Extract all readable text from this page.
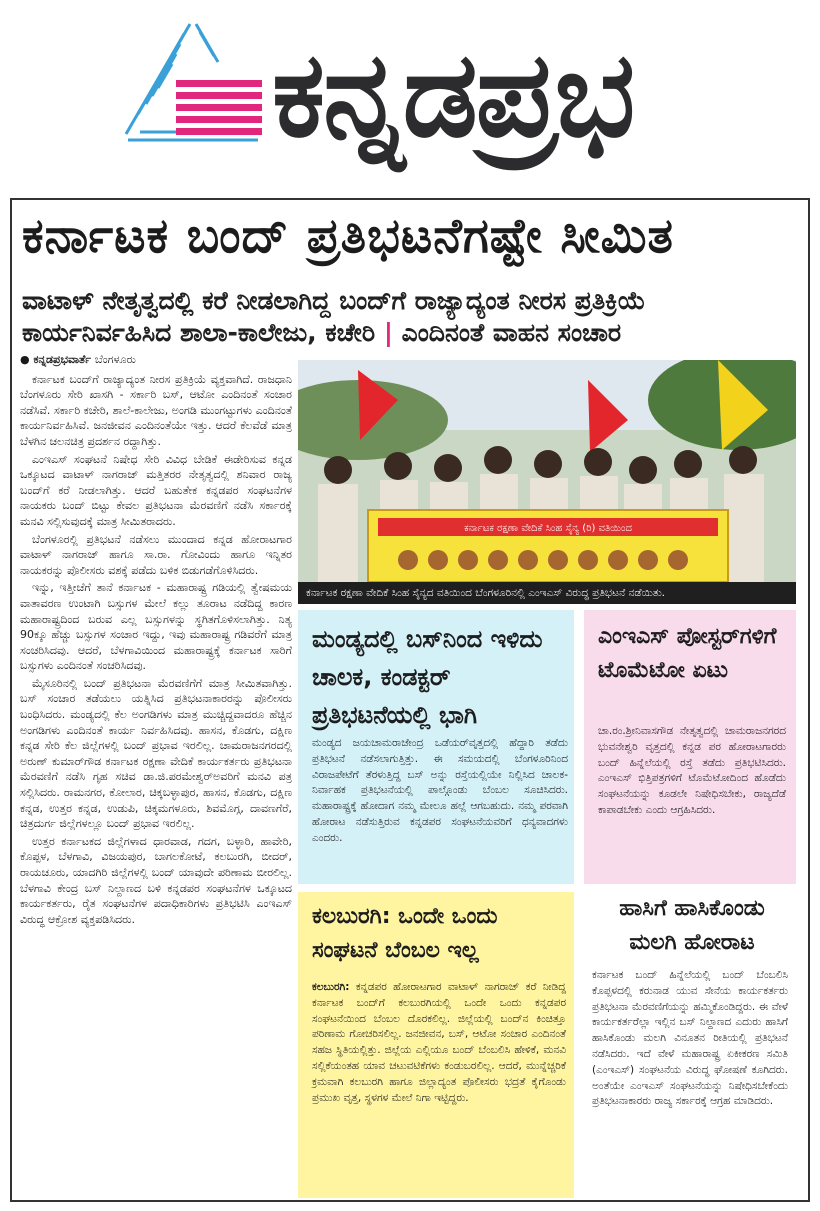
ಕನ್ನಡಪ್ರಭ
ಕರ್ನಾಟಕ ಬಂದ್ ಪ್ರತಿಭಟನೆಗಷ್ಟೇ ಸೀಮಿತ
ವಾಟಾಳ್ ನೇತೃತ್ವದಲ್ಲಿ ಕರೆ ನೀಡಲಾಗಿದ್ದ ಬಂದ್‌ಗೆ ರಾಜ್ಯಾದ್ಯಂತ ನೀರಸ ಪ್ರತಿಕ್ರಿಯೆ
ಕಾರ್ಯನಿರ್ವಹಿಸಿದ ಶಾಲಾ-ಕಾಲೇಜು, ಕಚೇರಿ | ಎಂದಿನಂತೆ ವಾಹನ ಸಂಚಾರ
● ಕನ್ನಡಪ್ರಭವಾರ್ತೆ ಬೆಂಗಳೂರು

ಕರ್ನಾಟಕ ಬಂದ್‌ಗೆ ರಾಜ್ಯಾದ್ಯಂತ ನೀರಸ ಪ್ರತಿಕ್ರಿಯೆ ವ್ಯಕ್ತವಾಗಿದೆ. ರಾಜಧಾನಿ ಬೆಂಗಳೂರು ಸೇರಿ ಖಾಸಗಿ - ಸರ್ಕಾರಿ ಬಸ್, ಆಟೋ ಎಂದಿನಂತೆ ಸಂಚಾರ ನಡೆಸಿವೆ. ಸರ್ಕಾರಿ ಕಚೇರಿ, ಶಾಲೆ-ಕಾಲೇಜು, ಅಂಗಡಿ ಮುಂಗಟ್ಟುಗಳು ಎಂದಿನಂತೆ ಕಾರ್ಯನಿರ್ವಹಿಸಿವೆ. ಜನಜೀವನ ಎಂದಿನಂತೆಯೇ ಇತ್ತು. ಆದರೆ ಕೆಲವೆಡೆ ಮಾತ್ರ ಬೆಳಗಿನ ಚಲನಚಿತ್ರ ಪ್ರದರ್ಶನ ರದ್ದಾಗಿತ್ತು.

ಎಂಇಎಸ್ ಸಂಘಟನೆ ನಿಷೇಧ ಸೇರಿ ವಿವಿಧ ಬೇಡಿಕೆ ಈಡೇರಿಸುವ ಕನ್ನಡ ಒಕ್ಕೂಟದ ವಾಟಾಳ್ ನಾಗರಾಜ್ ಮತ್ತಿತರರ ನೇತೃತ್ವದಲ್ಲಿ ಶನಿವಾರ ರಾಜ್ಯ ಬಂದ್‌ಗೆ ಕರೆ ನೀಡಲಾಗಿತ್ತು. ಆದರೆ ಬಹುತೇಕ ಕನ್ನಡಪರ ಸಂಘಟನೆಗಳ ನಾಯಕರು ಬಂದ್ ಬಿಟ್ಟು ಕೇವಲ ಪ್ರತಿಭಟನಾ ಮೆರವಣಿಗೆ ನಡೆಸಿ ಸರ್ಕಾರಕ್ಕೆ ಮನವಿ ಸಲ್ಲಿಸುವುದಕ್ಕೆ ಮಾತ್ರ ಸೀಮಿತರಾದರು.

ಬೆಂಗಳೂರಲ್ಲಿ ಪ್ರತಿಭಟನೆ ನಡೆಸಲು ಮುಂದಾದ ಕನ್ನಡ ಹೋರಾಟಗಾರ ವಾಟಾಳ್ ನಾಗರಾಜ್ ಹಾಗೂ ಸಾ.ರಾ. ಗೋವಿಂದು ಹಾಗೂ ಇನ್ನಿತರ ನಾಯಕರನ್ನು ಪೊಲೀಸರು ವಶಕ್ಕೆ ಪಡೆದು ಬಳಿಕ ಬಿಡುಗಡೆಗೊಳಿಸಿದರು.

ಇನ್ನು, ಇತ್ತೀಚೆಗೆ ತಾನೆ ಕರ್ನಾಟಕ - ಮಹಾರಾಷ್ಟ್ರ ಗಡಿಯಲ್ಲಿ ತ್ವೇಷಮಯ ವಾತಾವರಣ ಉಂಟಾಗಿ ಬಸ್ಸುಗಳ ಮೇಲೆ ಕಲ್ಲು ತೂರಾಟ ನಡೆದಿದ್ದ ಕಾರಣ ಮಹಾರಾಷ್ಟ್ರದಿಂದ ಬರುವ ಎಲ್ಲ ಬಸ್ಸುಗಳನ್ನು ಸ್ಥಗಿತಗೊಳಿಸಲಾಗಿತ್ತು. ನಿತ್ಯ 90ಕ್ಕೂ ಹೆಚ್ಚು ಬಸ್ಸುಗಳ ಸಂಚಾರ ಇದ್ದು, ಇವು ಮಹಾರಾಷ್ಟ್ರ ಗಡಿವರೆಗೆ ಮಾತ್ರ ಸಂಚರಿಸಿದವು. ಆದರೆ, ಬೆಳಗಾವಿಯಿಂದ ಮಹಾರಾಷ್ಟ್ರಕ್ಕೆ ಕರ್ನಾಟಕ ಸಾರಿಗೆ ಬಸ್ಸುಗಳು ಎಂದಿನಂತೆ ಸಂಚರಿಸಿದವು.

ಮೈಸೂರಿನಲ್ಲಿ ಬಂದ್ ಪ್ರತಿಭಟನಾ ಮೆರವಣಿಗೆಗೆ ಮಾತ್ರ ಸೀಮಿತವಾಗಿತ್ತು. ಬಸ್ ಸಂಚಾರ ತಡೆಯಲು ಯತ್ನಿಸಿದ ಪ್ರತಿಭಟನಾಕಾರರನ್ನು ಪೊಲೀಸರು ಬಂಧಿಸಿದರು. ಮಂಡ್ಯದಲ್ಲಿ ಕೆಲ ಅಂಗಡಿಗಳು ಮಾತ್ರ ಮುಚ್ಚಿದ್ದವಾದರೂ ಹೆಚ್ಚಿನ ಅಂಗಡಿಗಳು ಎಂದಿನಂತೆ ಕಾರ್ಯ ನಿರ್ವಹಿಸಿದವು. ಹಾಸನ, ಕೊಡಗು, ದಕ್ಷಿಣ ಕನ್ನಡ ಸೇರಿ ಕೆಲ ಜಿಲ್ಲೆಗಳಲ್ಲಿ ಬಂದ್ ಪ್ರಭಾವ ಇರಲಿಲ್ಲ. ಚಾಮರಾಜನಗರದಲ್ಲಿ ಅರುಣ್ ಕುಮಾರ್‌ಗೌಡ ಕರ್ನಾಟಕ ರಕ್ಷಣಾ ವೇದಿಕೆ ಕಾರ್ಯಕರ್ತರು ಪ್ರತಿಭಟನಾ ಮೆರವಣಿಗೆ ನಡೆಸಿ ಗೃಹ ಸಚಿವ ಡಾ.ಜಿ.ಪರಮೇಶ್ವರ್‌ಅವರಿಗೆ ಮನವಿ ಪತ್ರ ಸಲ್ಲಿಸಿದರು. ರಾಮನಗರ, ಕೋಲಾರ, ಚಿಕ್ಕಬಳ್ಳಾಪುರ, ಹಾಸನ, ಕೊಡಗು, ದಕ್ಷಿಣ ಕನ್ನಡ, ಉತ್ತರ ಕನ್ನಡ, ಉಡುಪಿ, ಚಿಕ್ಕಮಗಳೂರು, ಶಿವಮೊಗ್ಗ, ದಾವಣಗೆರೆ, ಚಿತ್ರದುರ್ಗ ಜಿಲ್ಲೆಗಳಲ್ಲೂ ಬಂದ್ ಪ್ರಭಾವ ಇರಲಿಲ್ಲ.

ಉತ್ತರ ಕರ್ನಾಟಕದ ಜಿಲ್ಲೆಗಳಾದ ಧಾರವಾಡ, ಗದಗ, ಬಳ್ಳಾರಿ, ಹಾವೇರಿ, ಕೊಪ್ಪಳ, ಬೆಳಗಾವಿ, ವಿಜಯಪುರ, ಬಾಗಲಕೋಟೆ, ಕಲಬುರಗಿ, ಬೀದರ್, ರಾಯಚೂರು, ಯಾದಗಿರಿ ಜಿಲ್ಲೆಗಳಲ್ಲಿ ಬಂದ್ ಯಾವುದೇ ಪರಿಣಾಮ ಬೀರಲಿಲ್ಲ. ಬೆಳಗಾವಿ ಕೇಂದ್ರ ಬಸ್ ನಿಲ್ದಾಣದ ಬಳಿ ಕನ್ನಡಪರ ಸಂಘಟನೆಗಳ ಒಕ್ಕೂಟದ ಕಾರ್ಯಕರ್ತರು, ರೈತ ಸಂಘಟನೆಗಳ ಪದಾಧಿಕಾರಿಗಳು ಪ್ರತಿಭಟಿಸಿ ಎಂಇಎಸ್ ವಿರುದ್ಧ ಆಕ್ರೋಶ ವ್ಯಕ್ತಪಡಿಸಿದರು.

ಕರ್ನಾಟಕ ರಕ್ಷಣಾ ವೇದಿಕೆ ಸಿಂಹ ಸೈನ್ಯ (ರಿ) ವತಿಯಿಂದ
ಕರ್ನಾಟಕ ರಕ್ಷಣಾ ವೇದಿಕೆ ಸಿಂಹ ಸೈನ್ಯದ ವತಿಯಿಂದ ಬೆಂಗಳೂರಿನಲ್ಲಿ ಎಂಇಎಸ್ ವಿರುದ್ಧ ಪ್ರತಿಭಟನೆ ನಡೆಯಿತು.
ಮಂಡ್ಯದಲ್ಲಿ ಬಸ್‌ನಿಂದ ಇಳಿದು ಚಾಲಕ, ಕಂಡಕ್ಟರ್ ಪ್ರತಿಭಟನೆಯಲ್ಲಿ ಭಾಗಿ
ಮಂಡ್ಯದ ಜಯಚಾಮರಾಜೇಂದ್ರ ಒಡೆಯರ್‌ವೃತ್ತದಲ್ಲಿ ಹೆದ್ದಾರಿ ತಡೆದು ಪ್ರತಿಭಟನೆ ನಡೆಸಲಾಗುತ್ತಿತ್ತು. ಈ ಸಮಯದಲ್ಲಿ ಬೆಂಗಳೂರಿನಿಂದ ವಿರಾಜಪೇಟೆಗೆ ತೆರಳುತ್ತಿದ್ದ ಬಸ್ ಅನ್ನು ರಸ್ತೆಯಲ್ಲಿಯೇ ನಿಲ್ಲಿಸಿದ ಚಾಲಕ-ನಿರ್ವಾಹಕ ಪ್ರತಿಭಟನೆಯಲ್ಲಿ ಪಾಲ್ಗೊಂಡು ಬೆಂಬಲ ಸೂಚಿಸಿದರು. ಮಹಾರಾಷ್ಟ್ರಕ್ಕೆ ಹೋದಾಗ ನಮ್ಮ ಮೇಲೂ ಹಲ್ಲೆ ಆಗಬಹುದು. ನಮ್ಮ ಪರವಾಗಿ ಹೋರಾಟ ನಡೆಸುತ್ತಿರುವ ಕನ್ನಡಪರ ಸಂಘಟನೆಯವರಿಗೆ ಧನ್ಯವಾದಗಳು ಎಂದರು.
ಎಂಇಎಸ್ ಪೋಸ್ಟರ್‌ಗಳಿಗೆ ಟೊಮೆಟೋ ಏಟು
ಚಾ.ರಂ.ಶ್ರೀನಿವಾಸಗೌಡ ನೇತೃತ್ವದಲ್ಲಿ ಚಾಮರಾಜನಗರದ ಭುವನೇಶ್ವರಿ ವೃತ್ತದಲ್ಲಿ ಕನ್ನಡ ಪರ ಹೋರಾಟಗಾರರು ಬಂದ್ ಹಿನ್ನೆಲೆಯಲ್ಲಿ ರಸ್ತೆ ತಡೆದು ಪ್ರತಿಭಟಿಸಿದರು. ಎಂಇಎಸ್ ಭಿತ್ತಿಪತ್ರಗಳಿಗೆ ಟೊಮೆಟೋದಿಂದ ಹೊಡೆದು ಸಂಘಟನೆಯನ್ನು ಕೂಡಲೇ ನಿಷೇಧಿಸಬೇಕು, ರಾಜ್ಯದೆಡೆ ಕಾಪಾಡಬೇಕು ಎಂದು ಆಗ್ರಹಿಸಿದರು.
ಕಲಬುರಗಿ: ಒಂದೇ ಒಂದು ಸಂಘಟನೆ ಬೆಂಬಲ ಇಲ್ಲ
ಕಲಬುರಗಿ: ಕನ್ನಡಪರ ಹೋರಾಟಗಾರ ವಾಟಾಳ್ ನಾಗರಾಜ್ ಕರೆ ನೀಡಿದ್ದ ಕರ್ನಾಟಕ ಬಂದ್‌ಗೆ ಕಲಬುರಗಿಯಲ್ಲಿ ಒಂದೇ ಒಂದು ಕನ್ನಡಪರ ಸಂಘಟನೆಯಿಂದ ಬೆಂಬಲ ದೊರಕಲಿಲ್ಲ. ಜಿಲ್ಲೆಯಲ್ಲಿ ಬಂದ್‌ನ ಕಿಂಚಿತ್ತೂ ಪರಿಣಾಮ ಗೋಚರಿಸಲಿಲ್ಲ. ಜನಜೀವನ, ಬಸ್, ಆಟೋ ಸಂಚಾರ ಎಂದಿನಂತೆ ಸಹಜ ಸ್ಥಿತಿಯಲ್ಲಿತ್ತು. ಜಿಲ್ಲೆಯ ಎಲ್ಲಿಯೂ ಬಂದ್ ಬೆಂಬಲಿಸಿ ಹೇಳಿಕೆ, ಮನವಿ ಸಲ್ಲಿಕೆಯಂತಹ ಯಾವ ಚಟುವಟಿಕೆಗಳು ಕಂಡುಬರಲಿಲ್ಲ. ಆದರೆ, ಮುನ್ನೆಚ್ಚರಿಕೆ ಕ್ರಮವಾಗಿ ಕಲಬುರಗಿ ಹಾಗೂ ಜಿಲ್ಲಾದ್ಯಂತ ಪೊಲೀಸರು ಭದ್ರತೆ ಕೈಗೊಂಡು ಪ್ರಮುಖ ವೃತ್ತ, ಸ್ಥಳಗಳ ಮೇಲೆ ನಿಗಾ ಇಟ್ಟಿದ್ದರು.
ಹಾಸಿಗೆ ಹಾಸಿಕೊಂಡು ಮಲಗಿ ಹೋರಾಟ
ಕರ್ನಾಟಕ ಬಂದ್ ಹಿನ್ನೆಲೆಯಲ್ಲಿ ಬಂದ್ ಬೆಂಬಲಿಸಿ ಕೊಪ್ಪಳದಲ್ಲಿ ಕರುನಾಡ ಯುವ ಸೇನೆಯ ಕಾರ್ಯಕರ್ತರು ಪ್ರತಿಭಟನಾ ಮೆರವಣಿಗೆಯನ್ನು ಹಮ್ಮಿಕೊಂಡಿದ್ದರು. ಈ ವೇಳೆ ಕಾರ್ಯಕರ್ತರೆಲ್ಲಾ ಇಲ್ಲಿನ ಬಸ್ ನಿಲ್ದಾಣದ ಎದುರು ಹಾಸಿಗೆ ಹಾಸಿಕೊಂಡು ಮಲಗಿ ವಿನೂತನ ರೀತಿಯಲ್ಲಿ ಪ್ರತಿಭಟನೆ ನಡೆಸಿದರು. ಇದೆ ವೇಳೆ ಮಹಾರಾಷ್ಟ್ರ ಏಕೀಕರಣ ಸಮಿತಿ (ಎಂಇಎಸ್) ಸಂಘಟನೆಯ ವಿರುದ್ಧ ಘೋಷಣೆ ಕೂಗಿದರು. ಅಂತೆಯೇ ಎಂಇಎಸ್ ಸಂಘಟನೆಯನ್ನು ನಿಷೇಧಿಸಬೇಕೆಂದು ಪ್ರತಿಭಟನಾಕಾರರು ರಾಜ್ಯ ಸರ್ಕಾರಕ್ಕೆ ಆಗ್ರಹ ಮಾಡಿದರು.
